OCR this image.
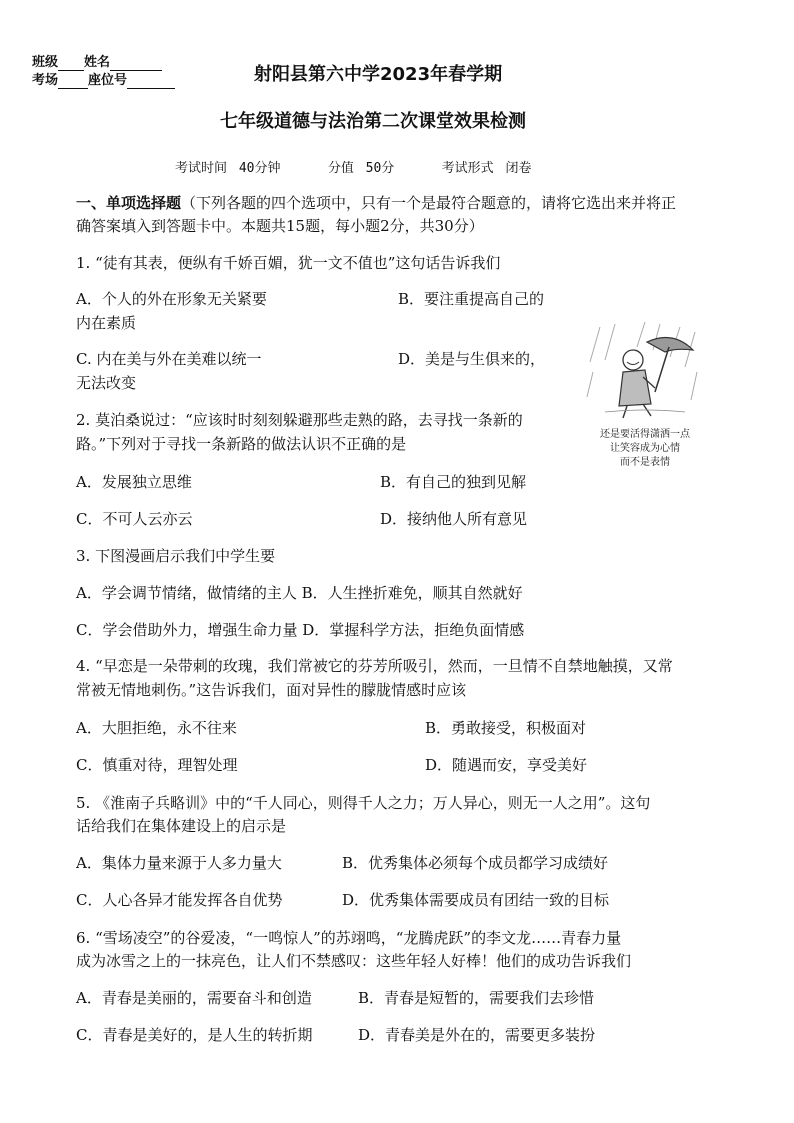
班级 姓名
考场 座位号	射阳县第六中学2023年春学期
七年级道德与法治第二次课堂效果检测
考试时间 40分钟	分值 50分	考试形式 闭卷
一、单项选择题（下列各题的四个选项中，只有一个是最符合题意的，请将它选出来并将正
确答案填入到答题卡中。本题共15题，每小题2分，共30分）
1. “徒有其表，便纵有千娇百媚，犹一文不值也”这句话告诉我们
A．个人的外在形象无关紧要	B．要注重提高自己的
内在素质
C. 内在美与外在美难以统一	D．美是与生俱来的，
无法改变
2. 莫泊桑说过：“应该时时刻刻躲避那些走熟的路，去寻找一条新的
路。”下列对于寻找一条新路的做法认识不正确的是
A．发展独立思维	B．有自己的独到见解
C．不可人云亦云	D．接纳他人所有意见
还是要活得潇洒一点
让笑容成为心情
而不是表情
3. 下图漫画启示我们中学生要
A．学会调节情绪，做情绪的主人 B．人生挫折难免，顺其自然就好
C．学会借助外力，增强生命力量 D．掌握科学方法，拒绝负面情感
4. “早恋是一朵带刺的玫瑰，我们常被它的芬芳所吸引，然而，一旦情不自禁地触摸，又常
常被无情地刺伤。”这告诉我们，面对异性的朦胧情感时应该
A．大胆拒绝，永不往来	B．勇敢接受，积极面对
C．慎重对待，理智处理	D．随遇而安，享受美好
5. 《淮南子兵略训》中的“千人同心，则得千人之力；万人异心，则无一人之用”。这句
话给我们在集体建设上的启示是
A．集体力量来源于人多力量大	B．优秀集体必须每个成员都学习成绩好
C．人心各异才能发挥各自优势	D．优秀集体需要成员有团结一致的目标
6. “雪场凌空”的谷爱凌，“一鸣惊人”的苏翊鸣，“龙腾虎跃”的李文龙……青春力量
成为冰雪之上的一抹亮色，让人们不禁感叹：这些年轻人好棒！他们的成功告诉我们
A．青春是美丽的，需要奋斗和创造	B．青春是短暂的，需要我们去珍惜
C．青春是美好的，是人生的转折期	D．青春美是外在的，需要更多装扮
